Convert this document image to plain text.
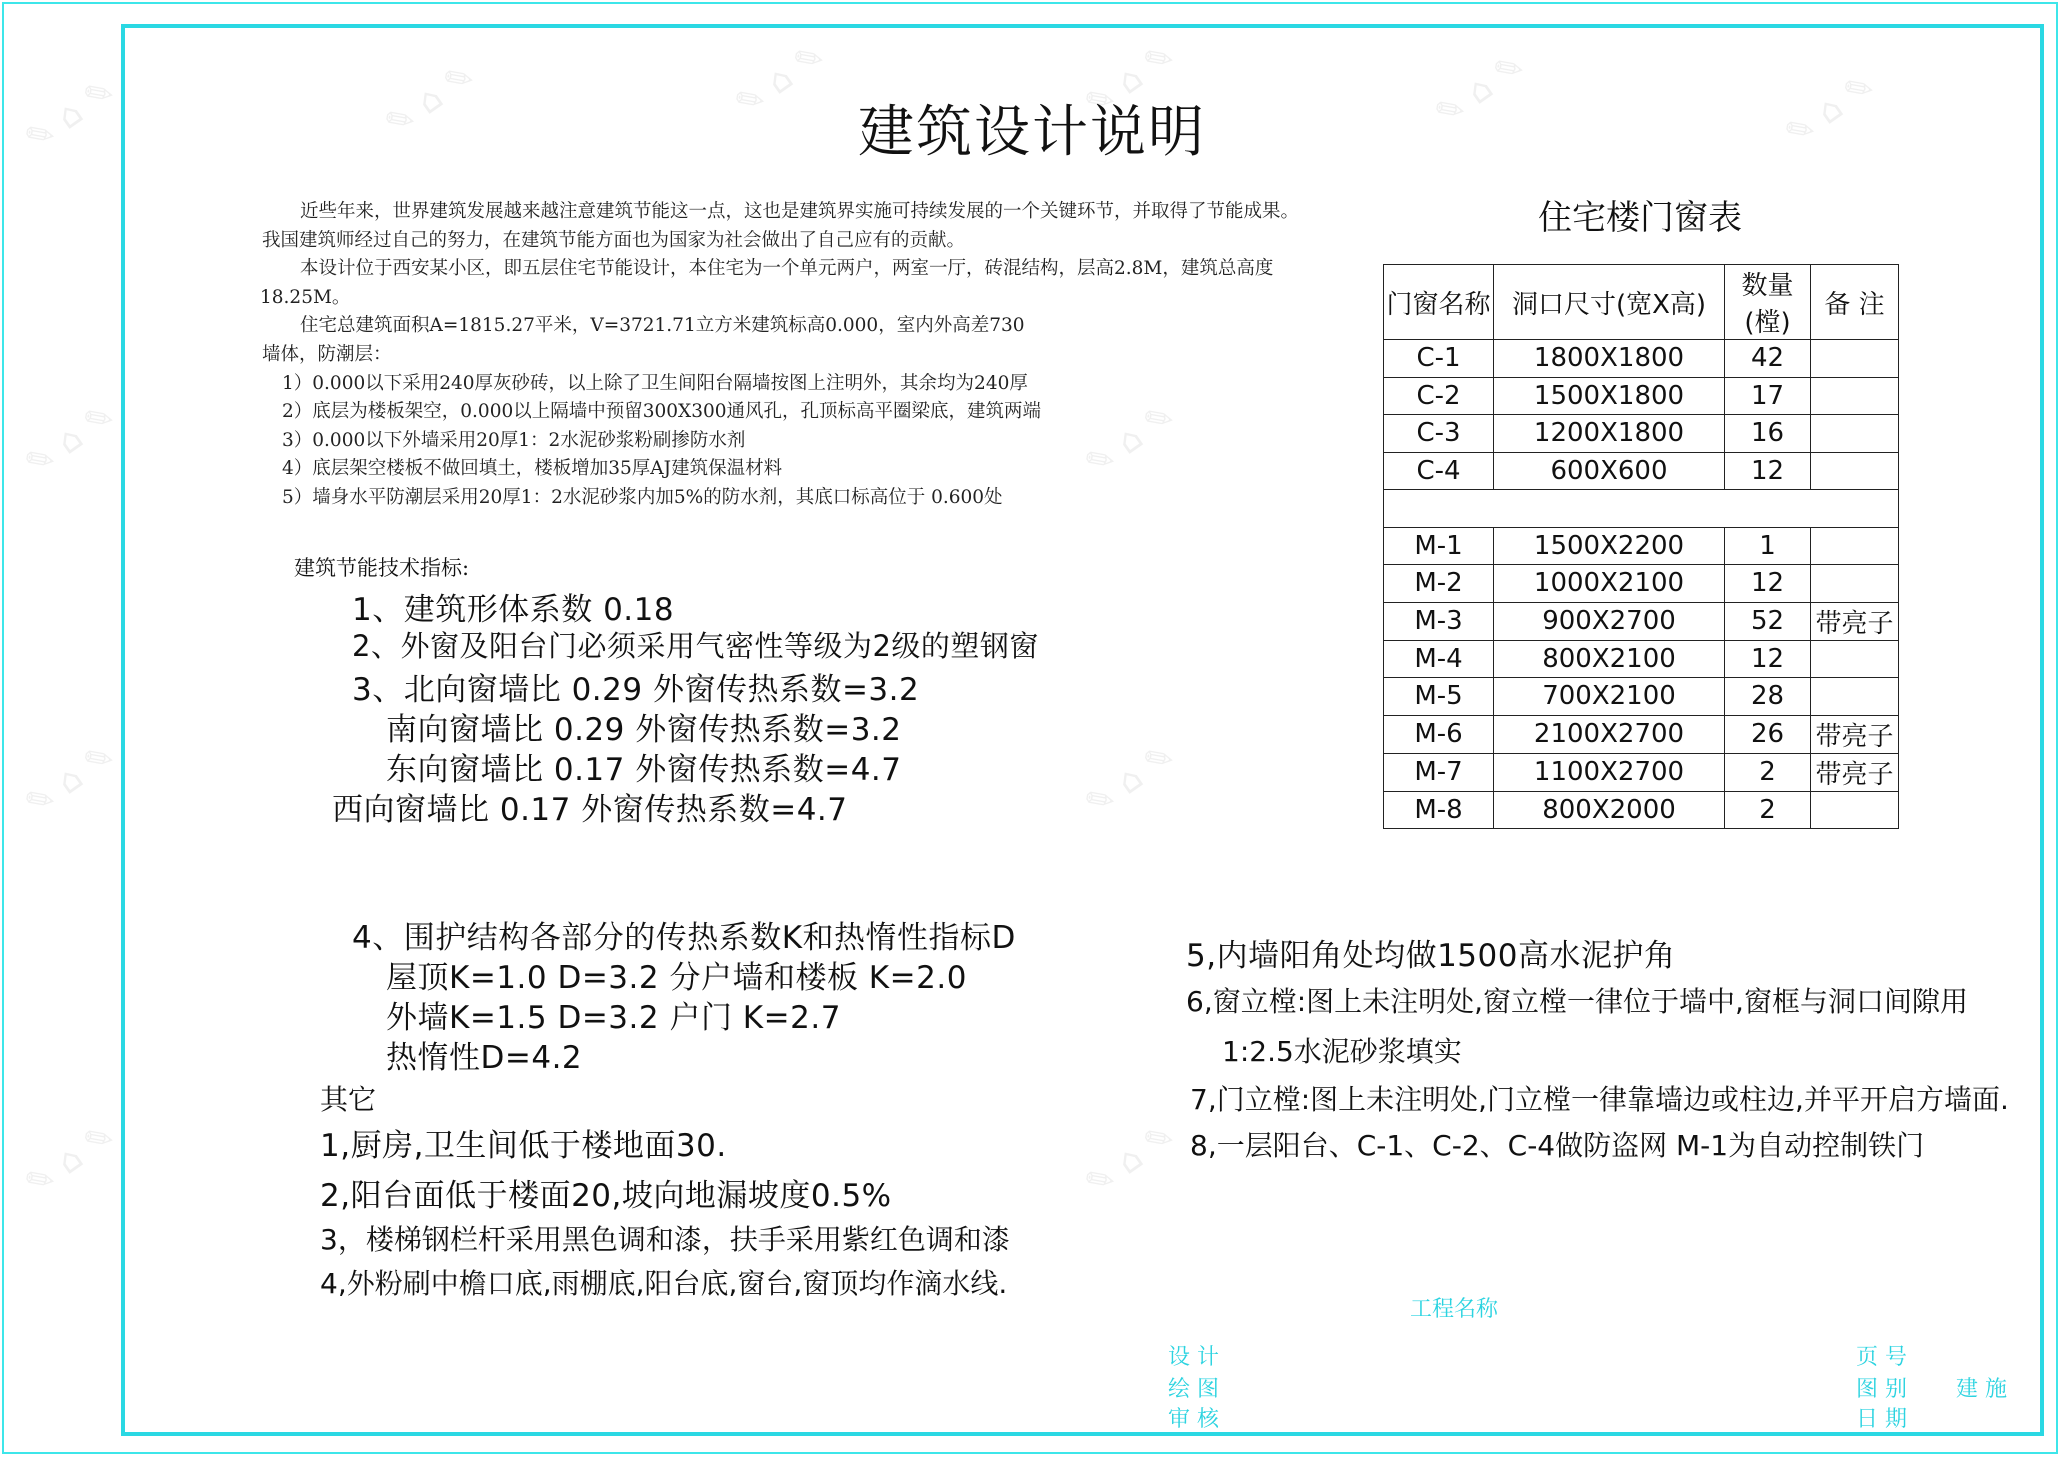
✎ ⌂ ✎	✎ ⌂ ✎	✎ ⌂ ✎	✎ ⌂ ✎	✎ ⌂ ✎	✎ ⌂ ✎
✎ ⌂ ✎	✎ ⌂ ✎
✎ ⌂ ✎	✎ ⌂ ✎
✎ ⌂ ✎	✎ ⌂ ✎
建筑设计说明
近些年来，世界建筑发展越来越注意建筑节能这一点，这也是建筑界实施可持续发展的一个关键环节，并取得了节能成果。
我国建筑师经过自己的努力，在建筑节能方面也为国家为社会做出了自己应有的贡献。
本设计位于西安某小区，即五层住宅节能设计，本住宅为一个单元两户，两室一厅，砖混结构，层高2.8M，建筑总高度
18.25M。
住宅总建筑面积A=1815.27平米，V=3721.71立方米建筑标高0.000，室内外高差730
墙体，防潮层：
1）0.000以下采用240厚灰砂砖，以上除了卫生间阳台隔墙按图上注明外，其余均为240厚
2）底层为楼板架空，0.000以上隔墙中预留300X300通风孔，孔顶标高平圈梁底，建筑两端
3）0.000以下外墙采用20厚1：2水泥砂浆粉刷掺防水剂
4）底层架空楼板不做回填土，楼板增加35厚AJ建筑保温材料
5）墙身水平防潮层采用20厚1：2水泥砂浆内加5%的防水剂，其底口标高位于 0.600处
建筑节能技术指标:
1、建筑形体系数 0.18
2、外窗及阳台门必须采用气密性等级为2级的塑钢窗
3、北向窗墙比 0.29 外窗传热系数=3.2
南向窗墙比 0.29 外窗传热系数=3.2
东向窗墙比 0.17 外窗传热系数=4.7
西向窗墙比 0.17 外窗传热系数=4.7
4、围护结构各部分的传热系数K和热惰性指标D
屋顶K=1.0 D=3.2 分户墙和楼板 K=2.0
外墙K=1.5 D=3.2 户门 K=2.7
热惰性D=4.2
其它
1,厨房,卫生间低于楼地面30.
2,阳台面低于楼面20,坡向地漏坡度0.5%
3，楼梯钢栏杆采用黑色调和漆，扶手采用紫红色调和漆
4,外粉刷中檐口底,雨棚底,阳台底,窗台,窗顶均作滴水线.
5,内墙阳角处均做1500高水泥护角
6,窗立樘:图上未注明处,窗立樘一律位于墙中,窗框与洞口间隙用
1:2.5水泥砂浆填实
7,门立樘:图上未注明处,门立樘一律靠墙边或柱边,并平开启方墙面.
8,一层阳台、C-1、C-2、C-4做防盗网 M-1为自动控制铁门
住宅楼门窗表
门窗名称	洞口尺寸(宽X高)	数量(樘)	备 注
C-1	1800X1800	42	
C-2	1500X1800	17	
C-3	1200X1800	16	
C-4	600X600	12	

M-1	1500X2200	1	
M-2	1000X2100	12	
M-3	900X2700	52	带亮子
M-4	800X2100	12	
M-5	700X2100	28	
M-6	2100X2700	26	带亮子
M-7	1100X2700	2	带亮子
M-8	800X2000	2	
工程名称
设 计
绘 图
审 核
页 号
图 别
日 期
建 施
